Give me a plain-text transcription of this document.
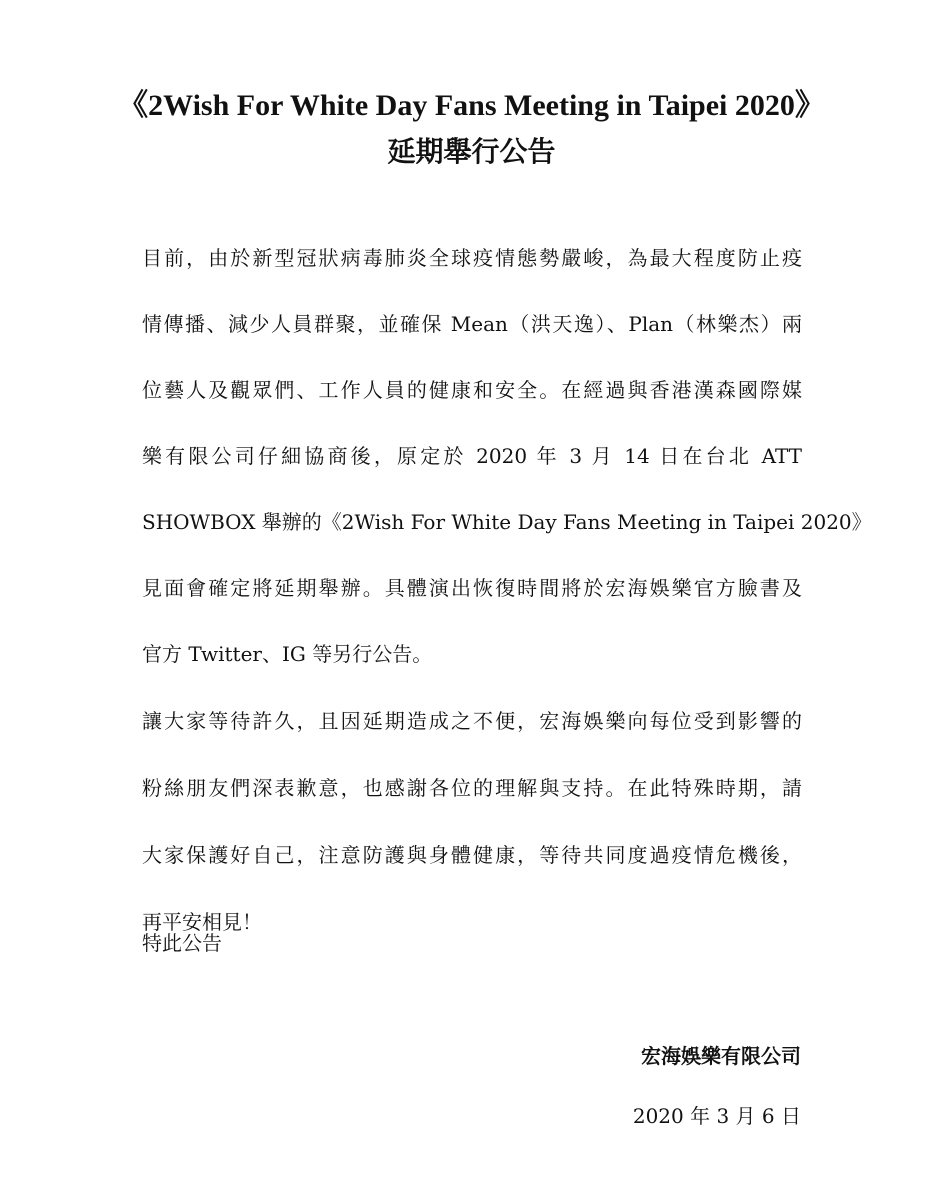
《2Wish For White Day Fans Meeting in Taipei 2020》
延期舉行公告
目前，由於新型冠狀病毒肺炎全球疫情態勢嚴峻，為最大程度防止疫
情傳播、減少人員群聚，並確保 Mean（洪天逸）、Plan（林樂杰）兩
位藝人及觀眾們、工作人員的健康和安全。在經過與香港漢森國際媒
樂有限公司仔細協商後，原定於 2020 年 3 月 14 日在台北 ATT
SHOWBOX 舉辦的《2Wish For White Day Fans Meeting in Taipei 2020》
見面會確定將延期舉辦。具體演出恢復時間將於宏海娛樂官方臉書及
官方 Twitter、IG 等另行公告。
讓大家等待許久，且因延期造成之不便，宏海娛樂向每位受到影響的
粉絲朋友們深表歉意，也感謝各位的理解與支持。在此特殊時期，請
大家保護好自己，注意防護與身體健康，等待共同度過疫情危機後，
再平安相見！
特此公告
宏海娛樂有限公司
2020 年 3 月 6 日
